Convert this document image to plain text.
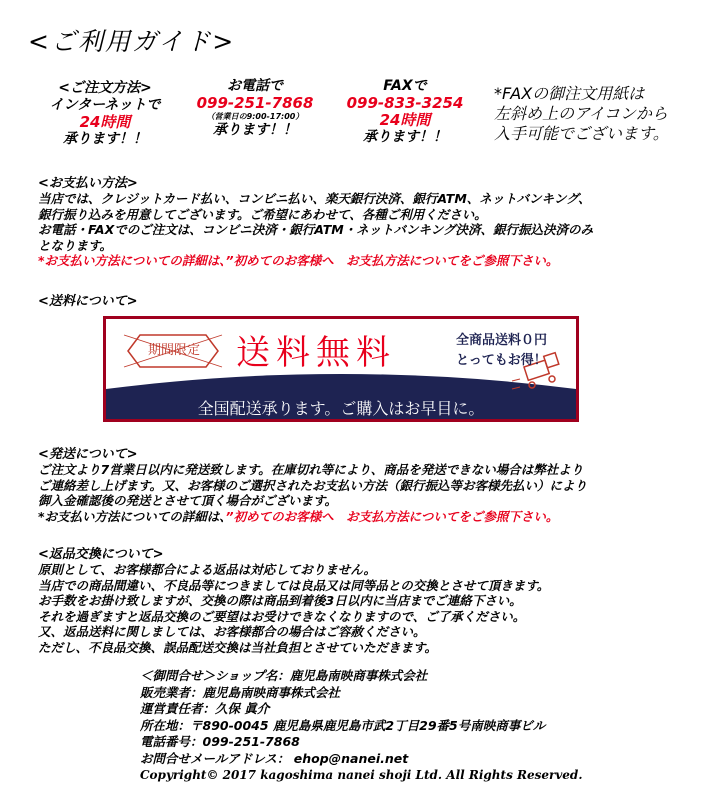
<ご利用ガイド>
<ご注文方法>
インターネットで
24時間
承ります！！
お電話で
099-251-7868
（営業日の9:00-17:00）
承ります！！
FAXで
099-833-3254
24時間
承ります！！
*FAXの御注文用紙は
左斜め上のアイコンから
入手可能でございます。
<お支払い方法>
当店では、クレジットカード払い、コンビニ払い、楽天銀行決済、銀行ATM、ネットバンキング、
銀行振り込みを用意してございます。ご希望にあわせて、各種ご利用ください。
お電話・FAXでのご注文は、コンビニ決済・銀行ATM・ネットバンキング決済、銀行振込決済のみ
となります。
*お支払い方法についての詳細は、”初めてのお客様へ　お支払方法についてをご参照下さい。
<送料について>
期間限定	送料無料	全商品送料０円
とってもお得！
全国配送承ります。ご購入はお早目に。
<発送について>
ご注文より7営業日以内に発送致します。在庫切れ等により、商品を発送できない場合は弊社より
ご連絡差し上げます。又、お客様のご選択されたお支払い方法（銀行振込等お客様先払い）により
御入金確認後の発送とさせて頂く場合がございます。
*お支払い方法についての詳細は、”初めてのお客様へ　お支払方法についてをご参照下さい。
<返品交換について>
原則として、お客様都合による返品は対応しておりません。
当店での商品間違い、不良品等につきましては良品又は同等品との交換とさせて頂きます。
お手数をお掛け致しますが、交換の際は商品到着後3日以内に当店までご連絡下さい。
それを過ぎますと返品交換のご要望はお受けできなくなりますので、ご了承ください。
又、返品送料に関しましては、お客様都合の場合はご容赦ください。
ただし、不良品交換、誤品配送交換は当社負担とさせていただきます。
＜御問合せ＞ショップ名：鹿児島南映商事株式会社
販売業者：鹿児島南映商事株式会社
運営責任者：久保 眞介
所在地：〒890-0045 鹿児島県鹿児島市武2丁目29番5号南映商事ビル
電話番号：099-251-7868
お問合せメールアドレス： ehop@nanei.net
Copyright© 2017 kagoshima nanei shoji Ltd. All Rights Reserved.
